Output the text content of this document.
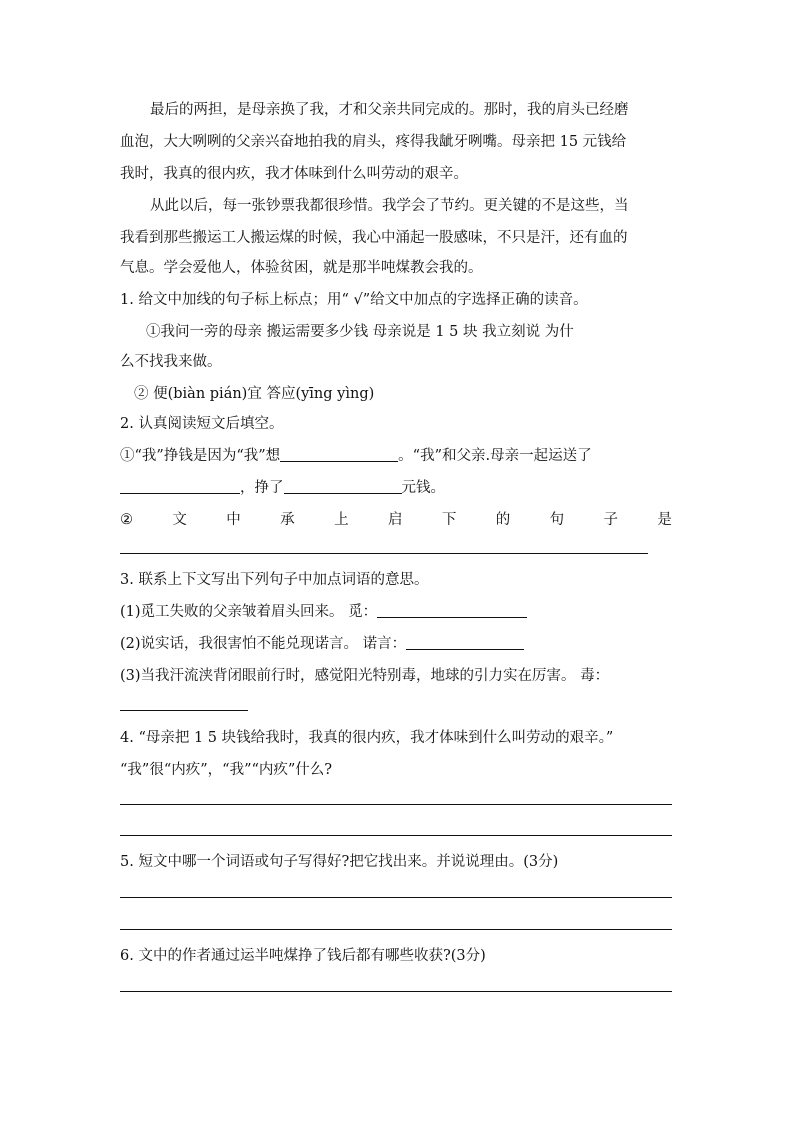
最后的两担，是母亲换了我，才和父亲共同完成的。那时，我的肩头已经磨
血泡，大大咧咧的父亲兴奋地拍我的肩头，疼得我龇牙咧嘴。母亲把 15 元钱给
我时，我真的很内疚，我才体味到什么叫劳动的艰辛。
从此以后，每一张钞票我都很珍惜。我学会了节约。更关键的不是这些，当
我看到那些搬运工人搬运煤的时候，我心中涌起一股感味，不只是汗，还有血的
气息。学会爱他人，体验贫困，就是那半吨煤教会我的。
1. 给文中加线的句子标上标点；用“ √”给文中加点的字选择正确的读音。
①我问一旁的母亲 搬运需要多少钱 母亲说是 1 5 块 我立刻说 为什
么不找我来做。
② 便(biàn pián)宜 答应(yīng yìng)
2. 认真阅读短文后填空。
①“我”挣钱是因为“我”想	。“我”和父亲.母亲一起运送了
，挣了	元钱。
②	文	中	承	上	启	下	的	句	子	是
3. 联系上下文写出下列句子中加点词语的意思。
(1)觅工失败的父亲皱着眉头回来。 觅：
(2)说实话，我很害怕不能兑现诺言。 诺言：
(3)当我汗流浃背闭眼前行时，感觉阳光特别毒，地球的引力实在厉害。 毒：
4. “母亲把 1 5 块钱给我时，我真的很内疚，我才体味到什么叫劳动的艰辛。”
“我”很“内疚”，“我”“内疚”什么?
5. 短文中哪一个词语或句子写得好?把它找出来。并说说理由。(3分)
6. 文中的作者通过运半吨煤挣了钱后都有哪些收获?(3分)
